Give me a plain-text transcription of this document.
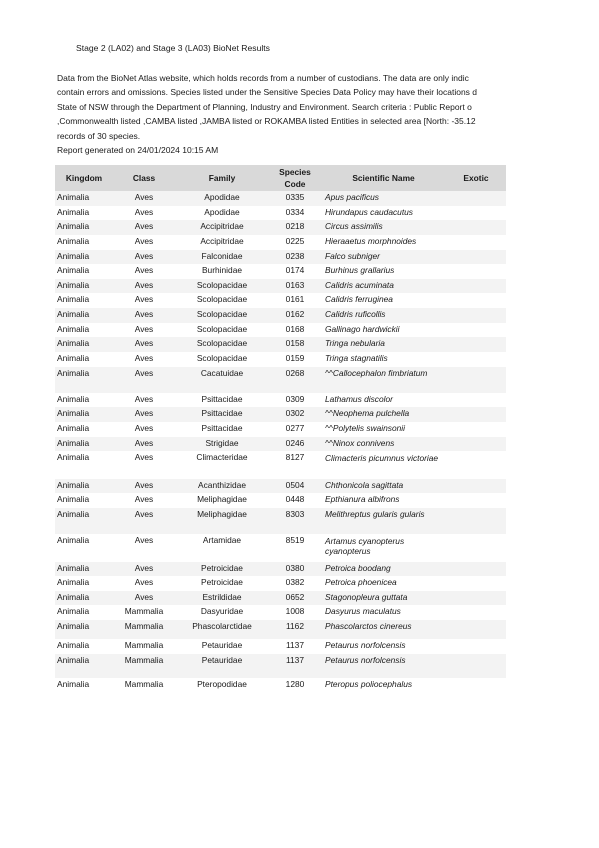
Stage 2 (LA02) and Stage 3 (LA03) BioNet Results
Data from the BioNet Atlas website, which holds records from a number of custodians. The data are only indic
contain errors and omissions. Species listed under the Sensitive Species Data Policy may have their locations d
State of NSW through the Department of Planning, Industry and Environment. Search criteria : Public Report o
,Commonwealth listed ,CAMBA listed ,JAMBA listed or ROKAMBA listed Entities in selected area [North: -35.12
records of 30 species.
Report generated on 24/01/2024 10:15 AM
Kingdom	Class	Family	Species Code	Scientific Name	Exotic
Animalia	Aves	Apodidae	0335	Apus pacificus	
Animalia	Aves	Apodidae	0334	Hirundapus caudacutus	
Animalia	Aves	Accipitridae	0218	Circus assimilis	
Animalia	Aves	Accipitridae	0225	Hieraaetus morphnoides	
Animalia	Aves	Falconidae	0238	Falco subniger	
Animalia	Aves	Burhinidae	0174	Burhinus grallarius	
Animalia	Aves	Scolopacidae	0163	Calidris acuminata	
Animalia	Aves	Scolopacidae	0161	Calidris ferruginea	
Animalia	Aves	Scolopacidae	0162	Calidris ruficollis	
Animalia	Aves	Scolopacidae	0168	Gallinago hardwickii	
Animalia	Aves	Scolopacidae	0158	Tringa nebularia	
Animalia	Aves	Scolopacidae	0159	Tringa stagnatilis	
Animalia	Aves	Cacatuidae	0268	^^Callocephalon fimbriatum	
Animalia	Aves	Psittacidae	0309	Lathamus discolor	
Animalia	Aves	Psittacidae	0302	^^Neophema pulchella	
Animalia	Aves	Psittacidae	0277	^^Polytelis swainsonii	
Animalia	Aves	Strigidae	0246	^^Ninox connivens	
Animalia	Aves	Climacteridae	8127	Climacteris picumnus victoriae	
Animalia	Aves	Acanthizidae	0504	Chthonicola sagittata	
Animalia	Aves	Meliphagidae	0448	Epthianura albifrons	
Animalia	Aves	Meliphagidae	8303	Melithreptus gularis gularis	
Animalia	Aves	Artamidae	8519	Artamus cyanopterus cyanopterus	
Animalia	Aves	Petroicidae	0380	Petroica boodang	
Animalia	Aves	Petroicidae	0382	Petroica phoenicea	
Animalia	Aves	Estrildidae	0652	Stagonopleura guttata	
Animalia	Mammalia	Dasyuridae	1008	Dasyurus maculatus	
Animalia	Mammalia	Phascolarctidae	1162	Phascolarctos cinereus	
Animalia	Mammalia	Petauridae	1137	Petaurus norfolcensis	
Animalia	Mammalia	Petauridae	1137	Petaurus norfolcensis	
Animalia	Mammalia	Pteropodidae	1280	Pteropus poliocephalus	
